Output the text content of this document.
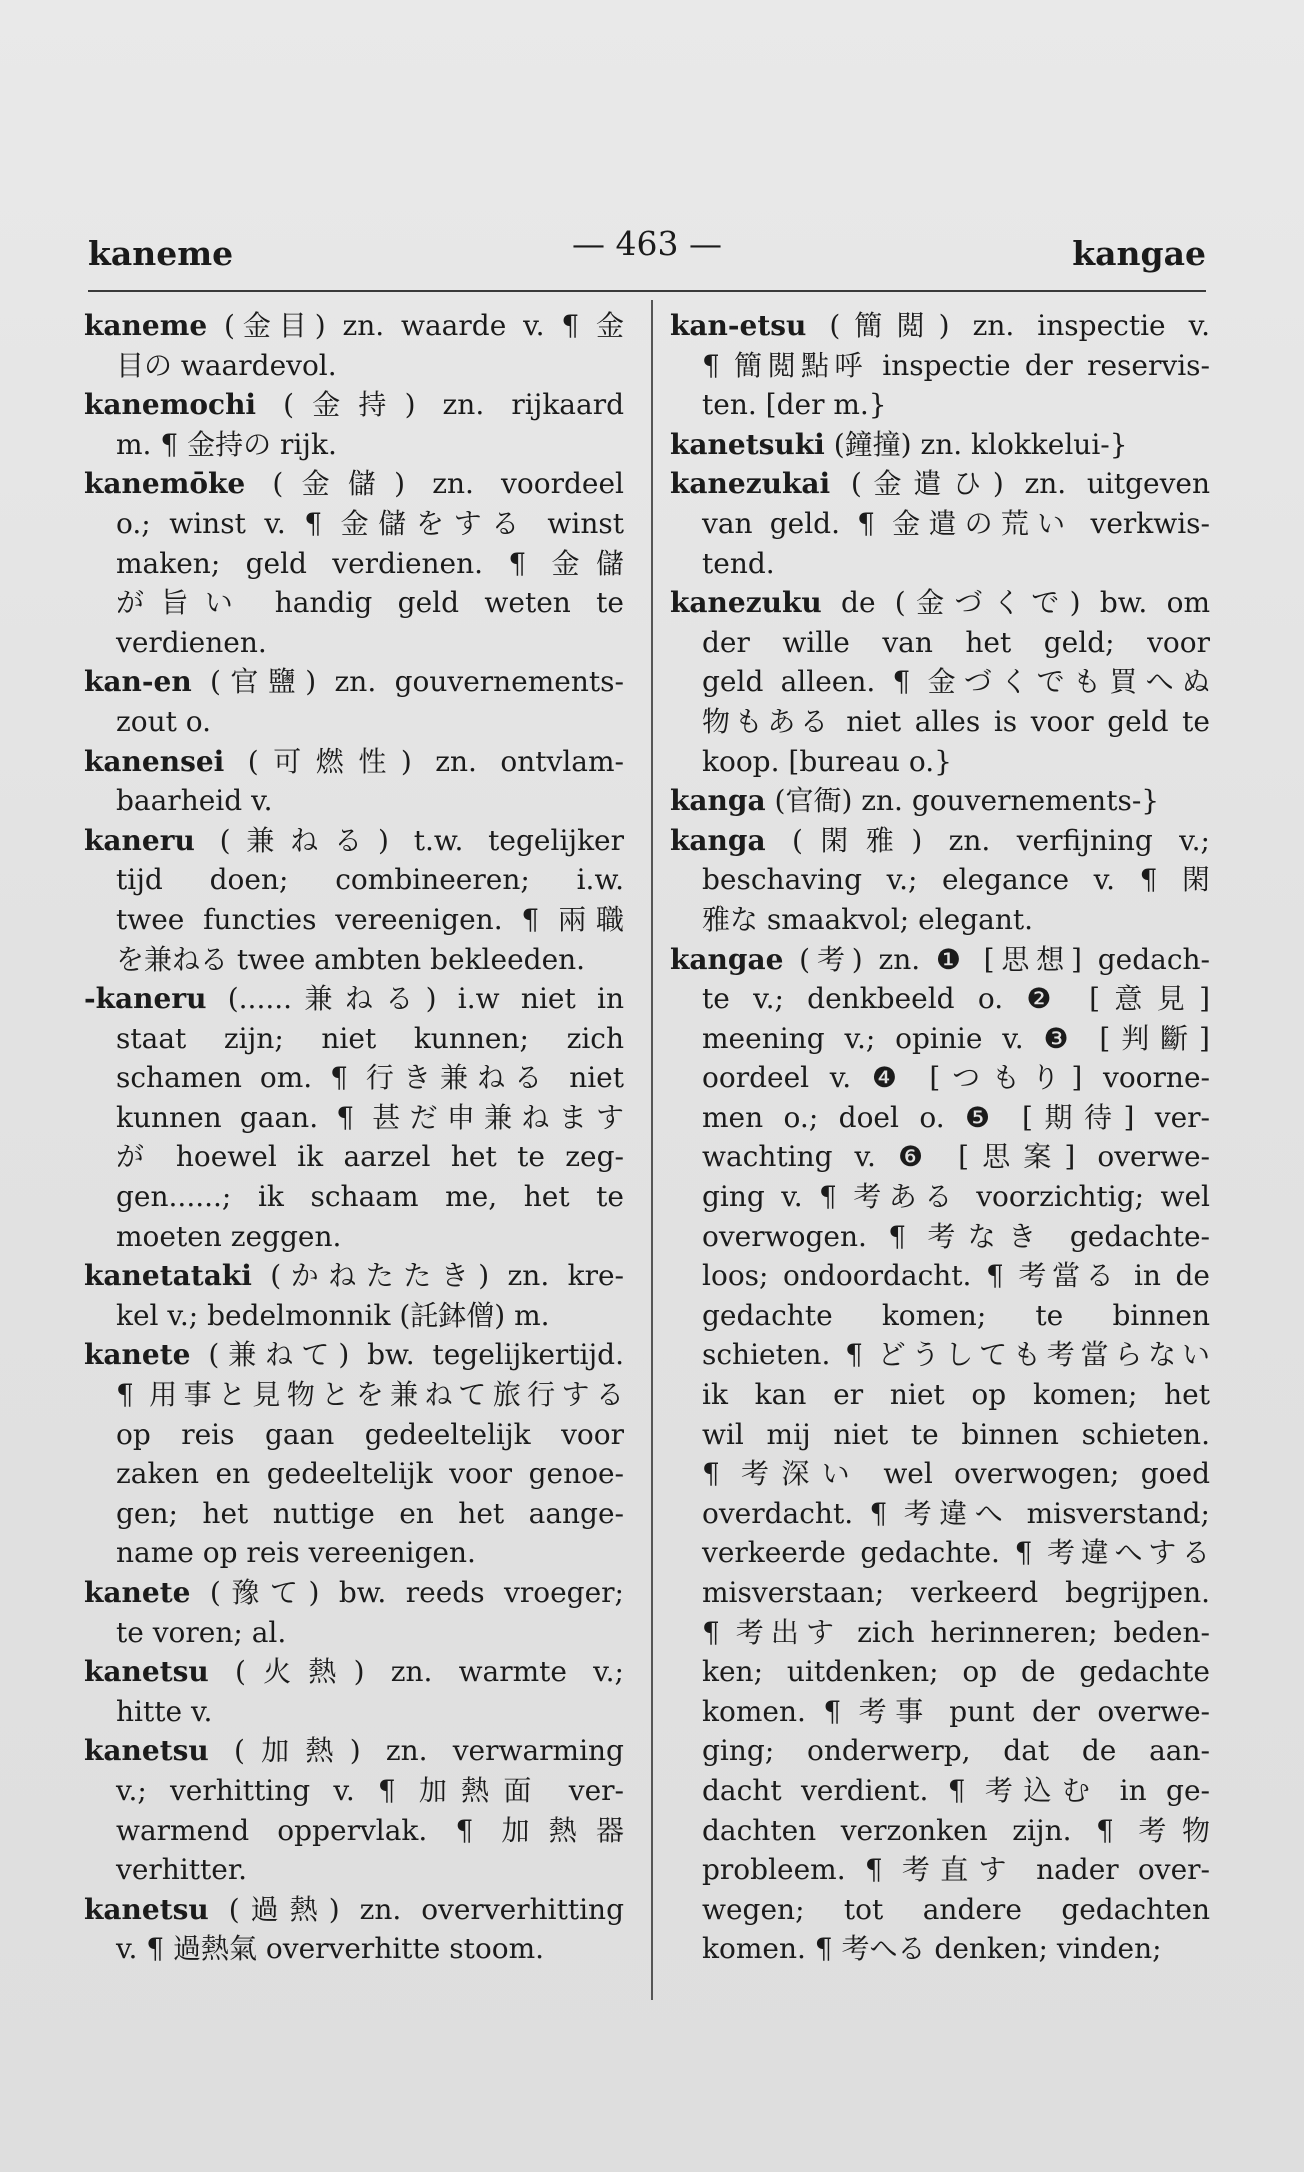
kaneme	— 463 —	kangae
kaneme (金目) zn. waarde v. ¶ 金
目の waardevol.
kanemochi (金持) zn. rijkaard
m. ¶ 金持の rijk.
kanemōke (金儲) zn. voordeel
o.; winst v. ¶ 金儲をする winst
maken; geld verdienen. ¶ 金儲
が旨い handig geld weten te
verdienen.
kan-en (官鹽) zn. gouvernements-
zout o.
kanensei (可燃性) zn. ontvlam-
baarheid v.
kaneru (兼ねる) t.w. tegelijker
tijd doen; combineeren; i.w.
twee functies vereenigen. ¶ 兩職
を兼ねる twee ambten bekleeden.
-kaneru (......兼ねる) i.w niet in
staat zijn; niet kunnen; zich
schamen om. ¶ 行き兼ねる niet
kunnen gaan. ¶ 甚だ申兼ねます
が hoewel ik aarzel het te zeg-
gen......; ik schaam me, het te
moeten zeggen.
kanetataki (かねたたき) zn. kre-
kel v.; bedelmonnik (託鉢僧) m.
kanete (兼ねて) bw. tegelijkertijd.
¶ 用事と見物とを兼ねて旅行する
op reis gaan gedeeltelijk voor
zaken en gedeeltelijk voor genoe-
gen; het nuttige en het aange-
name op reis vereenigen.
kanete (豫て) bw. reeds vroeger;
te voren; al.
kanetsu (火熱) zn. warmte v.;
hitte v.
kanetsu (加熱) zn. verwarming
v.; verhitting v. ¶ 加熱面 ver-
warmend oppervlak. ¶ 加熱器
verhitter.
kanetsu (過熱) zn. oververhitting
v. ¶ 過熱氣 oververhitte stoom.
kan-etsu (簡閲) zn. inspectie v.
¶ 簡閲點呼 inspectie der reservis-
ten. [der m.}
kanetsuki (鐘撞) zn. klokkelui-}
kanezukai (金遣ひ) zn. uitgeven
van geld. ¶ 金遣の荒い verkwis-
tend.
kanezuku de (金づくで) bw. om
der wille van het geld; voor
geld alleen. ¶ 金づくでも買へぬ
物もある niet alles is voor geld te
koop. [bureau o.}
kanga (官衙) zn. gouvernements-}
kanga (閑雅) zn. verfijning v.;
beschaving v.; elegance v. ¶ 閑
雅な smaakvol; elegant.
kangae (考) zn. ❶ [思想] gedach-
te v.; denkbeeld o. ❷ [意見]
meening v.; opinie v. ❸ [判斷]
oordeel v. ❹ [つもり] voorne-
men o.; doel o. ❺ [期待] ver-
wachting v. ❻ [思案] overwe-
ging v. ¶ 考ある voorzichtig; wel
overwogen. ¶ 考なき gedachte-
loos; ondoordacht. ¶ 考當る in de
gedachte komen; te binnen
schieten. ¶ どうしても考當らない
ik kan er niet op komen; het
wil mij niet te binnen schieten.
¶ 考深い wel overwogen; goed
overdacht. ¶ 考違へ misverstand;
verkeerde gedachte. ¶ 考違へする
misverstaan; verkeerd begrijpen.
¶ 考出す zich herinneren; beden-
ken; uitdenken; op de gedachte
komen. ¶ 考事 punt der overwe-
ging; onderwerp, dat de aan-
dacht verdient. ¶ 考込む in ge-
dachten verzonken zijn. ¶ 考物
probleem. ¶ 考直す nader over-
wegen; tot andere gedachten
komen. ¶ 考へる denken; vinden;
